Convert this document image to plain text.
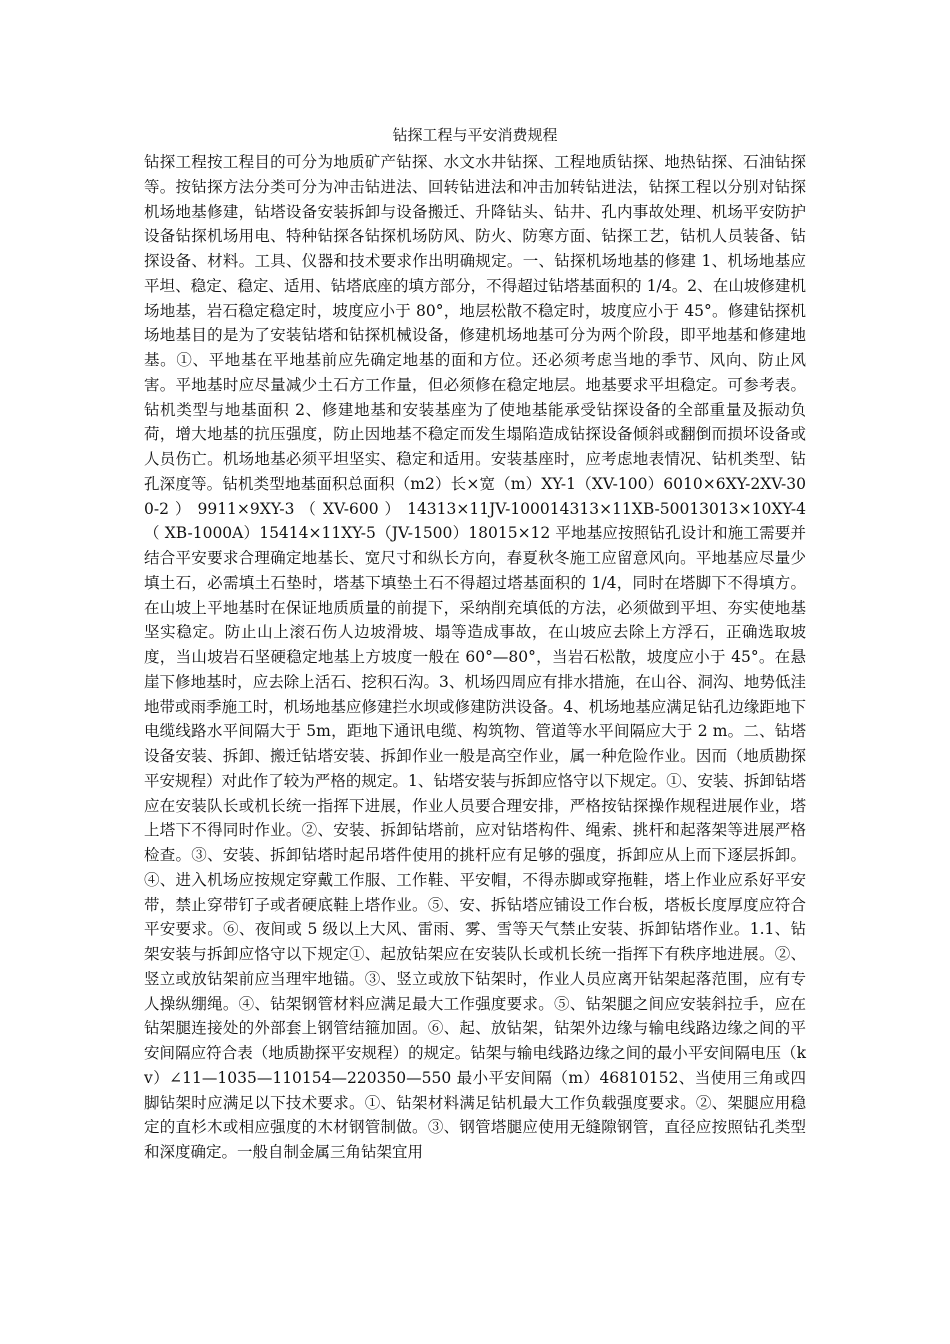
钻探工程与平安消费规程

钻探工程按工程目的可分为地质矿产钻探、水文水井钻探、工程地质钻探、地热钻探、石油钻探等。按钻探方法分类可分为冲击钻进法、回转钻进法和冲击加转钻进法，钻探工程以分别对钻探机场地基修建，钻塔设备安装拆卸与设备搬迁、升降钻头、钻井、孔内事故处理、机场平安防护设备钻探机场用电、特种钻探各钻探机场防风、防火、防寒方面、钻探工艺，钻机人员装备、钻探设备、材料。工具、仪器和技术要求作出明确规定。一、钻探机场地基的修建 1、机场地基应平坦、稳定、稳定、适用、钻塔底座的填方部分，不得超过钻塔基面积的 1/4。2、在山坡修建机场地基，岩石稳定稳定时，坡度应小于 80°，地层松散不稳定时，坡度应小于 45°。修建钻探机场地基目的是为了安装钻塔和钻探机械设备，修建机场地基可分为两个阶段，即平地基和修建地基。①、平地基在平地基前应先确定地基的面和方位。还必须考虑当地的季节、风向、防止风害。平地基时应尽量减少土石方工作量，但必须修在稳定地层。地基要求平坦稳定。可参考表。钻机类型与地基面积 2、修建地基和安装基座为了使地基能承受钻探设备的全部重量及振动负荷，增大地基的抗压强度，防止因地基不稳定而发生塌陷造成钻探设备倾斜或翻倒而损坏设备或人员伤亡。机场地基必须平坦坚实、稳定和适用。安装基座时，应考虑地表情况、钻机类型、钻孔深度等。钻机类型地基面积总面积（m2）长×宽（m）XY-1（XV-100）6010×6XY-2XV-300-2 ） 9911×9XY-3 （ XV-600 ） 14313×11JV-100014313×11XB-50013013×10XY-4 （ XB-1000A）15414×11XY-5（JV-1500）18015×12 平地基应按照钻孔设计和施工需要并结合平安要求合理确定地基长、宽尺寸和纵长方向，春夏秋冬施工应留意风向。平地基应尽量少填土石，必需填土石垫时，塔基下填垫土石不得超过塔基面积的 1/4，同时在塔脚下不得填方。在山坡上平地基时在保证地质质量的前提下，采纳削充填低的方法，必须做到平坦、夯实使地基坚实稳定。防止山上滚石伤人边坡滑坡、塌等造成事故，在山坡应去除上方浮石，正确选取坡度，当山坡岩石坚硬稳定地基上方坡度一般在 60°—80°，当岩石松散，坡度应小于 45°。在悬崖下修地基时，应去除上活石、挖积石沟。3、机场四周应有排水措施，在山谷、洞沟、地势低洼地带或雨季施工时，机场地基应修建拦水坝或修建防洪设备。4、机场地基应满足钻孔边缘距地下电缆线路水平间隔大于 5m，距地下通讯电缆、构筑物、管道等水平间隔应大于 2 m。二、钻塔设备安装、拆卸、搬迁钻塔安装、拆卸作业一般是高空作业，属一种危险作业。因而（地质勘探平安规程）对此作了较为严格的规定。1、钻塔安装与拆卸应恪守以下规定。①、安装、拆卸钻塔应在安装队长或机长统一指挥下进展，作业人员要合理安排，严格按钻探操作规程进展作业，塔上塔下不得同时作业。②、安装、拆卸钻塔前，应对钻塔构件、绳索、挑杆和起落架等进展严格检查。③、安装、拆卸钻塔时起吊塔件使用的挑杆应有足够的强度，拆卸应从上而下逐层拆卸。④、进入机场应按规定穿戴工作服、工作鞋、平安帽，不得赤脚或穿拖鞋，塔上作业应系好平安带，禁止穿带钉子或者硬底鞋上塔作业。⑤、安、拆钻塔应铺设工作台板，塔板长度厚度应符合平安要求。⑥、夜间或 5 级以上大风、雷雨、雾、雪等天气禁止安装、拆卸钻塔作业。1.1、钻架安装与拆卸应恪守以下规定①、起放钻架应在安装队长或机长统一指挥下有秩序地进展。②、竖立或放钻架前应当理牢地锚。③、竖立或放下钻架时，作业人员应离开钻架起落范围，应有专人操纵绷绳。④、钻架钢管材料应满足最大工作强度要求。⑤、钻架腿之间应安装斜拉手，应在钻架腿连接处的外部套上钢管结箍加固。⑥、起、放钻架，钻架外边缘与输电线路边缘之间的平安间隔应符合表（地质勘探平安规程）的规定。钻架与输电线路边缘之间的最小平安间隔电压（kv）∠11—1035—110154—220350—550 最小平安间隔（m）46810152、当使用三角或四脚钻架时应满足以下技术要求。①、钻架材料满足钻机最大工作负载强度要求。②、架腿应用稳定的直杉木或相应强度的木材钢管制做。③、钢管塔腿应使用无缝隙钢管，直径应按照钻孔类型和深度确定。一般自制金属三角钻架宜用
